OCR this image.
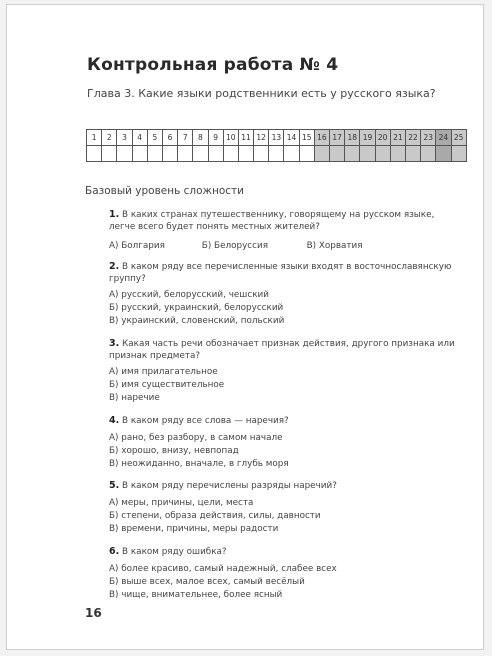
Контрольная работа № 4
Глава 3. Какие языки родственники есть у русского языка?
1	2	3	4	5	6	7	8	9	10	11	12	13	14	15	16	17	18	19	20	21	22	23	24	25

Базовый уровень сложности
1. В каких странах путешественнику, говорящему на русском языке, легче всего будет понять местных жителей?
А) Болгария	Б) Белоруссия	В) Хорватия
2. В каком ряду все перечисленные языки входят в восточнославянскую группу?
А) русский, белорусский, чешский
Б) русский, украинский, белорусский
В) украинский, словенский, польский
3. Какая часть речи обозначает признак действия, другого признака или признак предмета?
А) имя прилагательное
Б) имя существительное
В) наречие
4. В каком ряду все слова — наречия?
А) рано, без разбору, в самом начале
Б) хорошо, внизу, невпопад
В) неожиданно, вначале, в глубь моря
5. В каком ряду перечислены разряды наречий?
А) меры, причины, цели, места
Б) степени, образа действия, силы, давности
В) времени, причины, меры радости
6. В каком ряду ошибка?
А) более красиво, самый надежный, слабее всех
Б) выше всех, малое всех, самый весёлый
В) чище, внимательнее, более ясный
16
